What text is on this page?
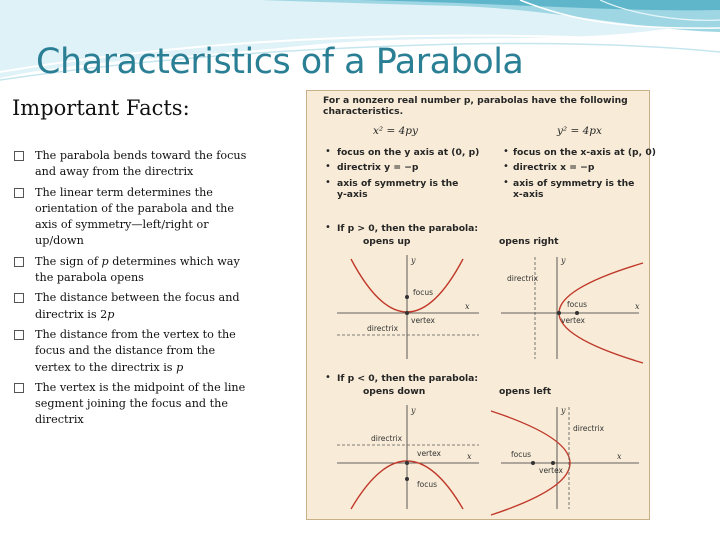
Characteristics of a Parabola
Important Facts:
The parabola bends toward the focus and away from the directrix
The linear term determines the orientation of the parabola and the axis of symmetry—left/right or up/down
The sign of p determines which way the parabola opens
The distance between the focus and directrix is 2p
The distance from the vertex to the focus and the distance from the vertex to the directrix is p
The vertex is the midpoint of the line segment joining the focus and the directrix
For a nonzero real number p, parabolas have the following
characteristics.
x² = 4py	y² = 4px
• focus on the y axis at (0, p)
• directrix y = −p
• axis of symmetry is the
y-axis
• focus on the x-axis at (p, 0)
• directrix x = −p
• axis of symmetry is the
x-axis
• If p > 0, then the parabola:
opens up	opens right
• If p < 0, then the parabola:
opens down	opens left
focus
vertex
directrix
x
y
directrix
focus
vertex
x
y
directrix
vertex
focus
x
y
directrix
focus
vertex
x
y
